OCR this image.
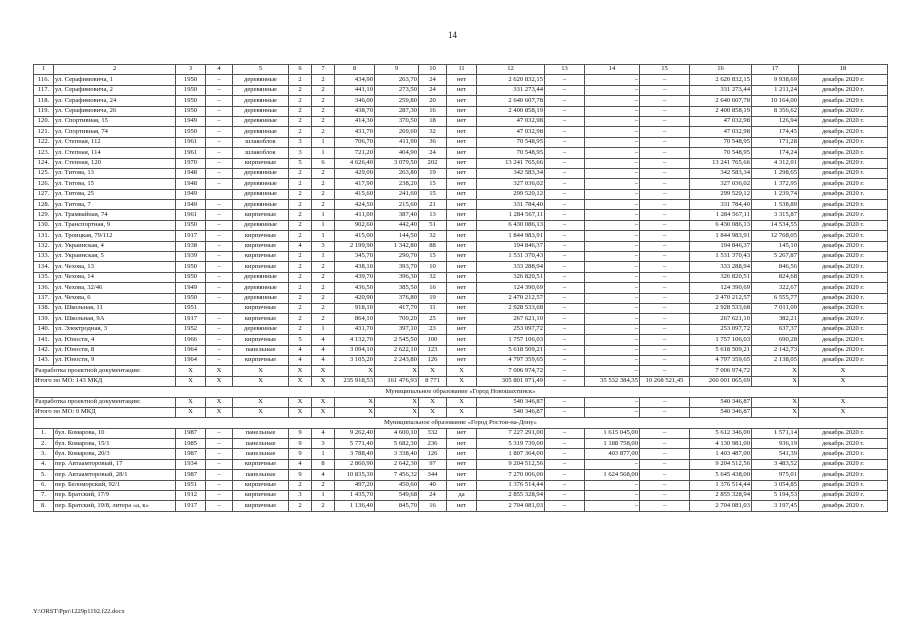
14
1	2	3	4	5	6	7	8	9	10	11	12	13	14	15	16	17	18
116.	ул. Серафимовича, 1	1950	–	деревянные	2	2	434,90	263,70	24	нет	2 620 832,15	–	–	–	2 620 832,15	9 938,69	декабрь 2020 г.
117.	ул. Серафимовича, 2	1950	–	деревянные	2	2	441,10	273,50	24	нет	331 273,44	–	–	–	331 273,44	1 211,24	декабрь 2020 г.
118.	ул. Серафимовича, 24	1950	–	деревянные	2	2	346,00	259,80	20	нет	2 640 607,78	–	–	–	2 640 607,78	10 164,00	декабрь 2020 г.
119.	ул. Серафимовича, 26	1950	–	деревянные	2	2	438,70	287,30	16	нет	2 400 858,19	–	–	–	2 400 858,19	8 356,62	декабрь 2020 г.
120.	ул. Спортивная, 15	1949	–	деревянные	2	2	414,30	370,50	18	нет	47 032,98	–	–	–	47 032,98	126,94	декабрь 2020 г.
121.	ул. Спортивная, 74	1950	–	деревянные	2	2	431,70	269,60	32	нет	47 032,98	–	–	–	47 032,98	174,45	декабрь 2020 г.
122.	ул. Степная, 112	1961	–	шлакоблок	3	1	706,70	411,90	36	нет	70 548,95	–	–	–	70 548,95	171,28	декабрь 2020 г.
123.	ул. Степная, 114	1961	–	шлакоблок	3	1	721,20	404,90	24	нет	70 548,95	–	–	–	70 548,95	174,24	декабрь 2020 г.
124.	ул. Степная, 120	1970	–	кирпичные	5	6	4 626,40	3 079,50	202	нет	13 241 765,66	–	–	–	13 241 765,66	4 312,01	декабрь 2020 г.
125.	ул. Титова, 13	1948	–	деревянные	2	2	429,00	263,80	19	нет	342 583,34	–	–	–	342 583,34	1 298,65	декабрь 2020 г.
126.	ул. Титова, 15	1948	–	деревянные	2	2	417,90	238,20	15	нет	327 036,02	–	–	–	327 036,02	1 372,95	декабрь 2020 г.
127.	ул. Титова, 25	1949		деревянные	2	2	415,60	241,60	15	нет	299 520,12	–	–	–	299 520,12	1 239,74	декабрь 2020 г.
128.	ул. Титова, 7	1949	–	деревянные	2	2	424,50	215,60	21	нет	331 784,40	–	–	–	331 784,40	1 538,89	декабрь 2020 г.
129.	ул. Трамвайная, 74	1961	–	кирпичные	2	1	411,00	387,40	13	нет	1 284 567,11	–	–	–	1 284 567,11	3 315,87	декабрь 2020 г.
130.	ул. Транспортная, 9	1950	–	деревянные	2	1	902,60	442,40	51	нет	6 430 086,13	–	–	–	6 430 086,13	14 534,55	декабрь 2020 г.
131.	ул. Троицкая, 79/112	1917	–	кирпичные	2	1	415,00	144,50	32	нет	1 844 983,91	–	–	–	1 844 983,91	12 768,05	декабрь 2020 г.
132.	ул. Украинская, 4	1938	–	кирпичные	4	3	2 199,90	1 342,80	88	нет	194 846,37	–	–	–	194 846,37	145,10	декабрь 2020 г.
133.	ул. Украинская, 5	1939	–	кирпичные	2	1	345,70	290,70	15	нет	1 531 370,43	–	–	–	1 531 370,43	5 267,87	декабрь 2020 г.
134.	ул. Чехова, 13	1950	–	кирпичные	2	2	438,10	393,70	10	нет	333 288,94	–	–	–	333 288,94	846,56	декабрь 2020 г.
135.	ул. Чехова, 14	1950	–	деревянные	2	2	439,70	396,30	32	нет	326 820,51	–	–	–	326 820,51	824,68	декабрь 2020 г.
136.	ул. Чехова, 32/46	1949	–	деревянные	2	2	436,50	385,50	16	нет	124 390,69	–	–	–	124 390,69	322,67	декабрь 2020 г.
137.	ул. Чехова, 6	1950	–	деревянные	2	2	420,90	376,80	19	нет	2 470 212,57	–	–	–	2 470 212,57	6 555,77	декабрь 2020 г.
138.	ул. Школьная, 11	1951		кирпичные	2	2	918,10	417,70	11	нет	2 928 533,68	–	–	–	2 928 533,68	7 011,09	декабрь 2020 г.
139.	ул. Школьная, 9А	1917	–	кирпичные	2	2	864,10	700,20	25	нет	267 621,10	–	–	–	267 621,10	382,21	декабрь 2020 г.
140.	ул. Электродная, 3	1952	–	деревянные	2	1	431,70	397,10	23	нет	253 097,72	–	–	–	253 097,72	637,37	декабрь 2020 г.
141.	ул. Юности, 4	1966	–	кирпичные	5	4	4 132,70	2 545,50	100	нет	1 757 106,03	–	–	–	1 757 106,03	690,28	декабрь 2020 г.
142.	ул. Юности, 8	1964	–	панельные	4	4	3 094,10	2 622,10	123	нет	5 618 509,21	–	–	–	5 618 509,21	2 142,73	декабрь 2020 г.
143.	ул. Юности, 9	1964	–	кирпичные	4	4	3 105,20	2 243,80	126	нет	4 797 359,65	–	–	–	4 797 359,65	2 138,05	декабрь 2020 г.
Разработка проектной документации:		Х	Х	Х	Х	Х	Х	Х	Х	Х	7 006 974,72	–	–	–	7 006 974,72	Х	Х
Итого по МО: 143 МКД		Х	Х	Х	Х	Х	235 918,53	161 476,93	8 771	Х	305 801 971,49	–	35 532 384,35	10 268 521,45	260 001 065,69	Х	Х
Муниципальное образование «Город Новошахтинск»																	
Разработка проектной документации:		Х	Х	Х	Х	Х	Х	Х	Х	Х	540 346,87	–	–	–	540 346,87	Х	Х
Итого по МО: 0 МКД		Х	Х	Х	Х	Х	Х	Х	Х	Х	540 346,87	–	–	–	540 346,87	Х	Х
Муниципальное образование «Город Ростов-на-Дону»																	
1.	бул. Комарова, 10	1987	–	панельные	9	4	9 262,40	4 600,10	332	нет	7 227 291,00	–	1 615 045,00	–	5 612 346,00	1 571,14	декабрь 2020 г.
2.	бул. Комарова, 15/1	1985	–	панельные	9	3	5 771,40	5 682,30	236	нет	5 319 739,00	–	1 188 758,00	–	4 130 981,00	936,19	декабрь 2020 г.
3.	бул. Комарова, 20/3	1987	–	панельные	9	1	3 788,40	3 338,40	126	нет	1 807 364,00	–	403 877,00	–	1 403 487,00	541,39	декабрь 2020 г.
4.	пер. Автаамторовый, 17	1934	–	кирпичные	4	8	2 860,90	2 642,30	97	нет	9 204 512,56	–	–	–	9 204 512,56	3 483,52	декабрь 2020 г.
5.	пер. Автаамторовый, 28/1	1987	–	панельные	9	4	10 835,30	7 456,32	344	нет	7 270 006,00	–	1 624 568,00	–	5 645 438,00	975,01	декабрь 2020 г.
6.	пер. Беломорский, 92/1	1951	–	кирпичные	2	2	497,20	450,60	40	нет	1 376 514,44	–	–	–	1 376 514,44	3 054,85	декабрь 2020 г.
7.	пер. Братский, 17/9	1912	–	кирпичные	3	1	1 435,70	549,68	24	да	2 855 328,94	–	–	–	2 855 328,94	5 194,53	декабрь 2020 г.
8.	пер. Братский, 19/8, литера «а, к»	1917	–	кирпичные	2	2	1 136,40	845,70	16	нет	2 704 081,03	–	–	–	2 704 081,03	3 197,45	декабрь 2020 г.
Y:\ORST\Ppo\1229p1192.f22.docx
